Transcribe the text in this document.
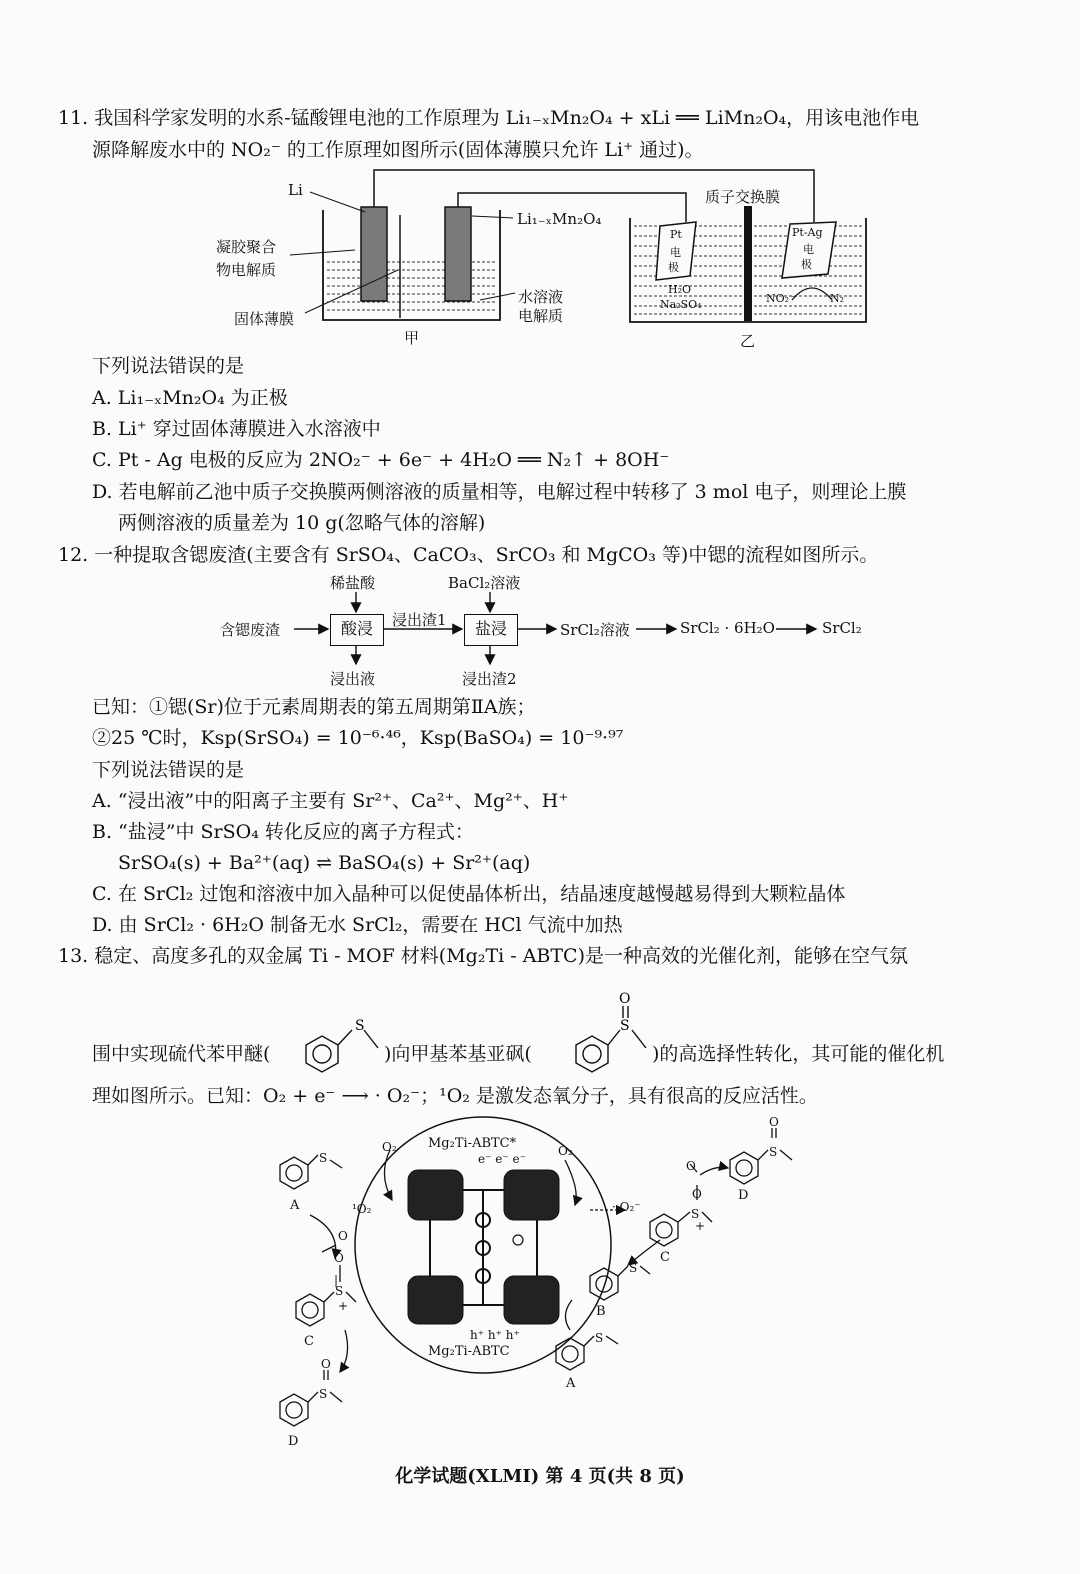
11. 我国科学家发明的水系-锰酸锂电池的工作原理为 Li₁₋ₓMn₂O₄ + xLi ══ LiMn₂O₄，用该电池作电
源降解废水中的 NO₂⁻ 的工作原理如图所示(固体薄膜只允许 Li⁺ 通过)。
Li
凝胶聚合
物电解质
固体薄膜
Li₁₋ₓMn₂O₄
水溶液
电解质
甲
质子交换膜
Pt
电
极
Pt-Ag
电
极
H₂O
Na₂SO₄	NO₂⁻	N₂
乙
下列说法错误的是
A. Li₁₋ₓMn₂O₄ 为正极
B. Li⁺ 穿过固体薄膜进入水溶液中
C. Pt - Ag 电极的反应为 2NO₂⁻ + 6e⁻ + 4H₂O ══ N₂↑ + 8OH⁻
D. 若电解前乙池中质子交换膜两侧溶液的质量相等，电解过程中转移了 3 mol 电子，则理论上膜
两侧溶液的质量差为 10 g(忽略气体的溶解)
12. 一种提取含锶废渣(主要含有 SrSO₄、CaCO₃、SrCO₃ 和 MgCO₃ 等)中锶的流程如图所示。
稀盐酸	BaCl₂溶液
含锶废渣	酸浸	浸出渣1	盐浸	SrCl₂溶液	SrCl₂ · 6H₂O	SrCl₂
浸出液	浸出渣2
已知：①锶(Sr)位于元素周期表的第五周期第ⅡA族；
②25 ℃时，Ksp(SrSO₄) = 10⁻⁶·⁴⁶，Ksp(BaSO₄) = 10⁻⁹·⁹⁷
下列说法错误的是
A. “浸出液”中的阳离子主要有 Sr²⁺、Ca²⁺、Mg²⁺、H⁺
B. “盐浸”中 SrSO₄ 转化反应的离子方程式：
SrSO₄(s) + Ba²⁺(aq) ⇌ BaSO₄(s) + Sr²⁺(aq)
C. 在 SrCl₂ 过饱和溶液中加入晶种可以促使晶体析出，结晶速度越慢越易得到大颗粒晶体
D. 由 SrCl₂ · 6H₂O 制备无水 SrCl₂，需要在 HCl 气流中加热
13. 稳定、高度多孔的双金属 Ti - MOF 材料(Mg₂Ti - ABTC)是一种高效的光催化剂，能够在空气氛
围中实现硫代苯甲醚(	)向甲基苯基亚砜(	)的高选择性转化，其可能的催化机
理如图所示。已知：O₂ + e⁻ ⟶ · O₂⁻；¹O₂ 是激发态氧分子，具有很高的反应活性。
S	S
O
S
S
|
O
O
S
O
S
O
S
O
O
S
S
+
+
Mg₂Ti-ABTC*
e⁻ e⁻ e⁻
Mg₂Ti-ABTC
h⁺ h⁺ h⁺
O₂
¹O₂
O₂
· O₂⁻
A
C
D
D
C
B
A
化学试题(XLMI) 第 4 页(共 8 页)
